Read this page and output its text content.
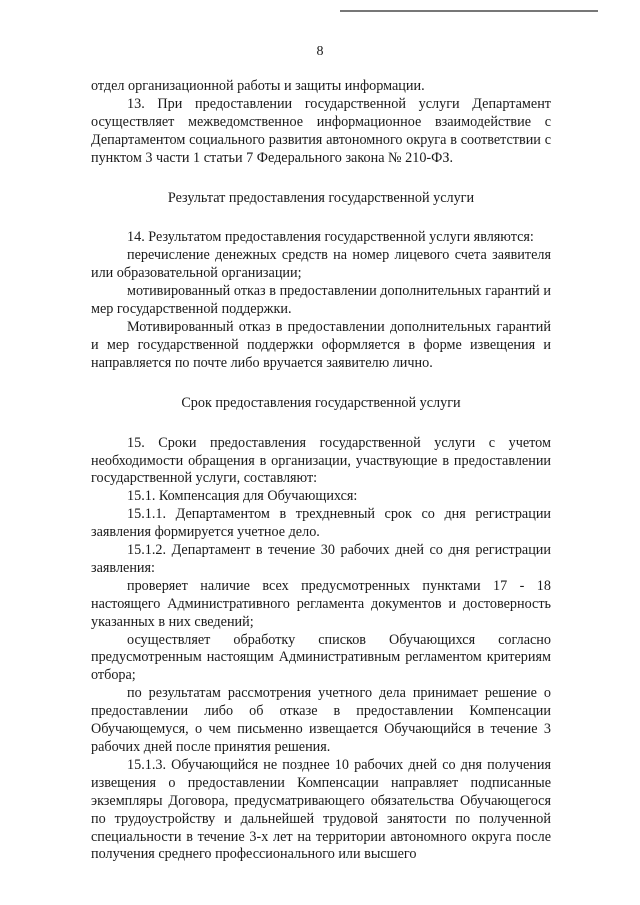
8

отдел организационной работы и защиты информации.

13. При предоставлении государственной услуги Департамент осуществляет межведомственное информационное взаимодействие с Департаментом социального развития автономного округа в соответствии с пунктом 3 части 1 статьи 7 Федерального закона № 210-ФЗ.

Результат предоставления государственной услуги

14. Результатом предоставления государственной услуги являются:

перечисление денежных средств на номер лицевого счета заявителя или образовательной организации;

мотивированный отказ в предоставлении дополнительных гарантий и мер государственной поддержки.

Мотивированный отказ в предоставлении дополнительных гарантий и мер государственной поддержки оформляется в форме извещения и направляется по почте либо вручается заявителю лично.

Срок предоставления государственной услуги

15. Сроки предоставления государственной услуги с учетом необходимости обращения в организации, участвующие в предоставлении государственной услуги, составляют:

15.1. Компенсация для Обучающихся:

15.1.1. Департаментом в трехдневный срок со дня регистрации заявления формируется учетное дело.

15.1.2. Департамент в течение 30 рабочих дней со дня регистрации заявления:

проверяет наличие всех предусмотренных пунктами 17 - 18 настоящего Административного регламента документов и достоверность указанных в них сведений;

осуществляет обработку списков Обучающихся согласно предусмотренным настоящим Административным регламентом критериям отбора;

по результатам рассмотрения учетного дела принимает решение о предоставлении либо об отказе в предоставлении Компенсации Обучающемуся, о чем письменно извещается Обучающийся в течение 3 рабочих дней после принятия решения.

15.1.3. Обучающийся не позднее 10 рабочих дней со дня получения извещения о предоставлении Компенсации направляет подписанные экземпляры Договора, предусматривающего обязательства Обучающегося по трудоустройству и дальнейшей трудовой занятости по полученной специальности в течение 3-х лет на территории автономного округа после получения среднего профессионального или высшего
